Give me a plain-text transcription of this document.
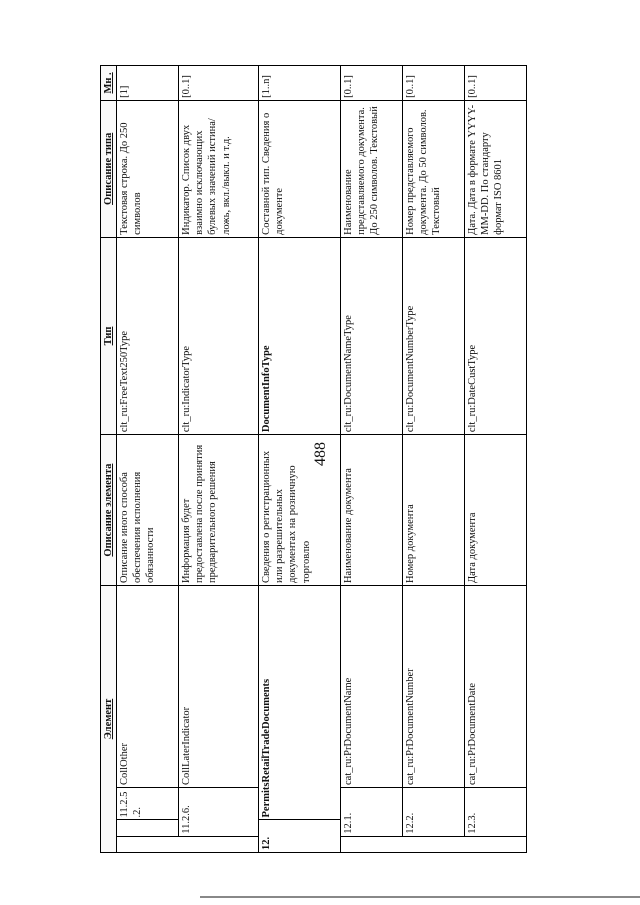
488
Элемент				Описание элемента	Тип	Описание типа	Мн .
		11.2.5.2.	CollOther	Описание иного способа обеспечения исполнения обязанности	clt_ru:FreeText250Type	Текстовая строка. До 250 символов	[1]
	11.2.6.		CollLaterIndicator	Информация будет предоставлена после принятия предварительного решения	clt_ru:IndicatorType	Индикатор. Список двух взаимно исключающих булевых значений истина/ложь, вкл./выкл. и т.д.	[0..1]
12.		PermitsRetailTradeDocuments		Сведения о регистрационных или разрешительных документах на розничную торговлю	DocumentInfoType	Составной тип. Сведения о документе	[1..n]
	12.1.		cat_ru:PrDocumentName	Наименование документа	clt_ru:DocumentNameType	Наименование представляемого документа. До 250 символов. Текстовый	[0..1]
	12.2.		cat_ru:PrDocumentNumber	Номер документа	clt_ru:DocumentNumberType	Номер представляемого документа. До 50 символов. Текстовый	[0..1]
	12.3.		cat_ru:PrDocumentDate	Дата документа	clt_ru:DateCustType	Дата. Дата в формате YYYY-MM-DD. По стандарту формат ISO 8601	[0..1]
